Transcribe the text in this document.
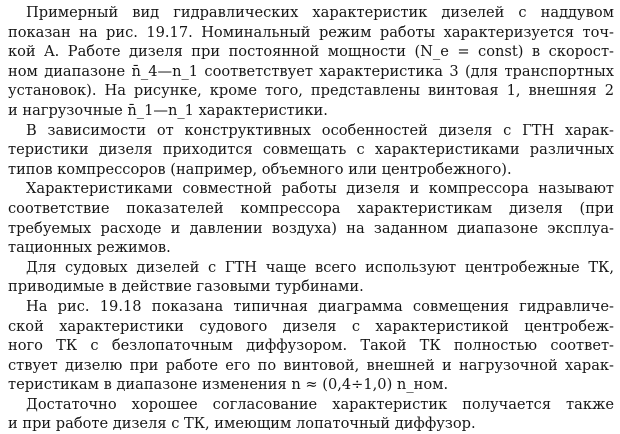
Примерный вид гидравлических характеристик дизелей с наддувом
показан на рис. 19.17. Номинальный режим работы характеризуется точ-
кой A. Работе дизеля при постоянной мощности (N_e = const) в скорост-
ном диапазоне n̄_4—n_1 соответствует характеристика 3 (для транспортных
установок). На рисунке, кроме того, представлены винтовая 1, внешняя 2
и нагрузочные n̄_1—n_1 характеристики.
В зависимости от конструктивных особенностей дизеля с ГТН харак-
теристики дизеля приходится совмещать с характеристиками различных
типов компрессоров (например, объемного или центробежного).
Характеристиками совместной работы дизеля и компрессора называют
соответствие показателей компрессора характеристикам дизеля (при
требуемых расходе и давлении воздуха) на заданном диапазоне эксплуа-
тационных режимов.
Для судовых дизелей с ГТН чаще всего используют центробежные ТК,
приводимые в действие газовыми турбинами.
На рис. 19.18 показана типичная диаграмма совмещения гидравличе-
ской характеристики судового дизеля с характеристикой центробеж-
ного ТК с безлопаточным диффузором. Такой ТК полностью соответ-
ствует дизелю при работе его по винтовой, внешней и нагрузочной харак-
теристикам в диапазоне изменения n ≈ (0,4÷1,0) n_ном.
Достаточно хорошее согласование характеристик получается также
и при работе дизеля с ТК, имеющим лопаточный диффузор.
